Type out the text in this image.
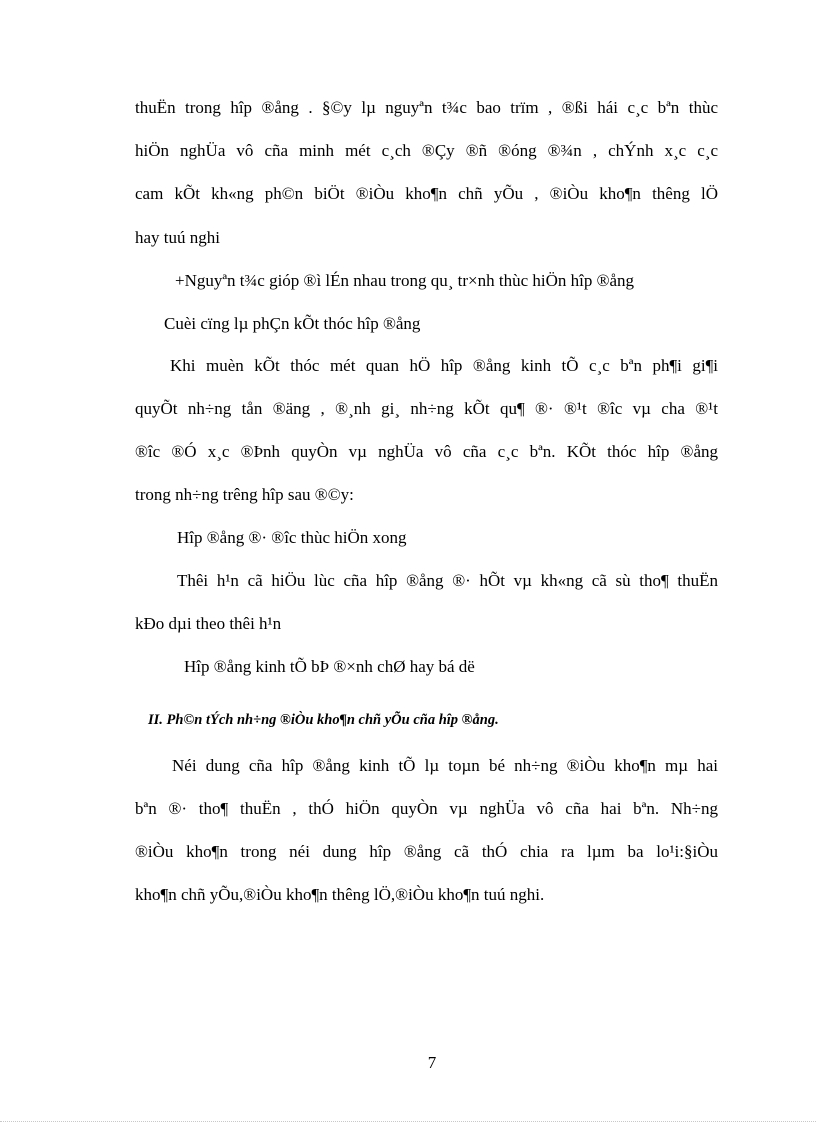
thuËn trong hîp ®ång . §©y lµ nguyªn t¾c bao trïm , ®ßi hái c¸c bªn thùc
hiÖn nghÜa vô cña minh mét c¸ch ®Çy ®ñ ®óng ®¾n , chÝnh x¸c c¸c
cam kÕt kh«ng ph©n biÖt ®iÒu kho¶n chñ yÕu , ®iÒu kho¶n thêng lÖ
hay tuú nghi
+Nguyªn t¾c gióp ®ì lÉn nhau trong qu¸ tr×nh thùc hiÖn hîp ®ång
Cuèi cïng lµ phÇn kÕt thóc hîp ®ång
Khi muèn kÕt thóc mét quan hÖ hîp ®ång kinh tÕ c¸c bªn ph¶i gi¶i
quyÕt nh÷ng tån ®äng , ®¸nh gi¸ nh÷ng kÕt qu¶ ®· ®¹t ®îc vµ cha ®¹t
®îc ®Ó x¸c ®Þnh quyÒn vµ nghÜa vô cña c¸c bªn. KÕt thóc hîp ®ång
trong nh÷ng trêng hîp sau ®©y:
Hîp ®ång ®· ®îc thùc hiÖn xong
Thêi h¹n cã hiÖu lùc cña hîp ®ång ®· hÕt vµ kh«ng cã sù tho¶ thuËn
kÐo dµi theo thêi h¹n
Hîp ®ång kinh tÕ bÞ ®×nh chØ hay bá dë
II. Ph©n tÝch nh÷ng ®iÒu kho¶n chñ yÕu cña hîp ®ång.
Néi dung cña hîp ®ång kinh tÕ lµ toµn bé nh÷ng ®iÒu kho¶n mµ hai
bªn ®· tho¶ thuËn , thÓ hiÖn quyÒn vµ nghÜa vô cña hai bªn. Nh÷ng
®iÒu kho¶n trong néi dung hîp ®ång cã thÓ chia ra lµm ba lo¹i:§iÒu
kho¶n chñ yÕu,®iÒu kho¶n thêng lÖ,®iÒu kho¶n tuú nghi.
7
